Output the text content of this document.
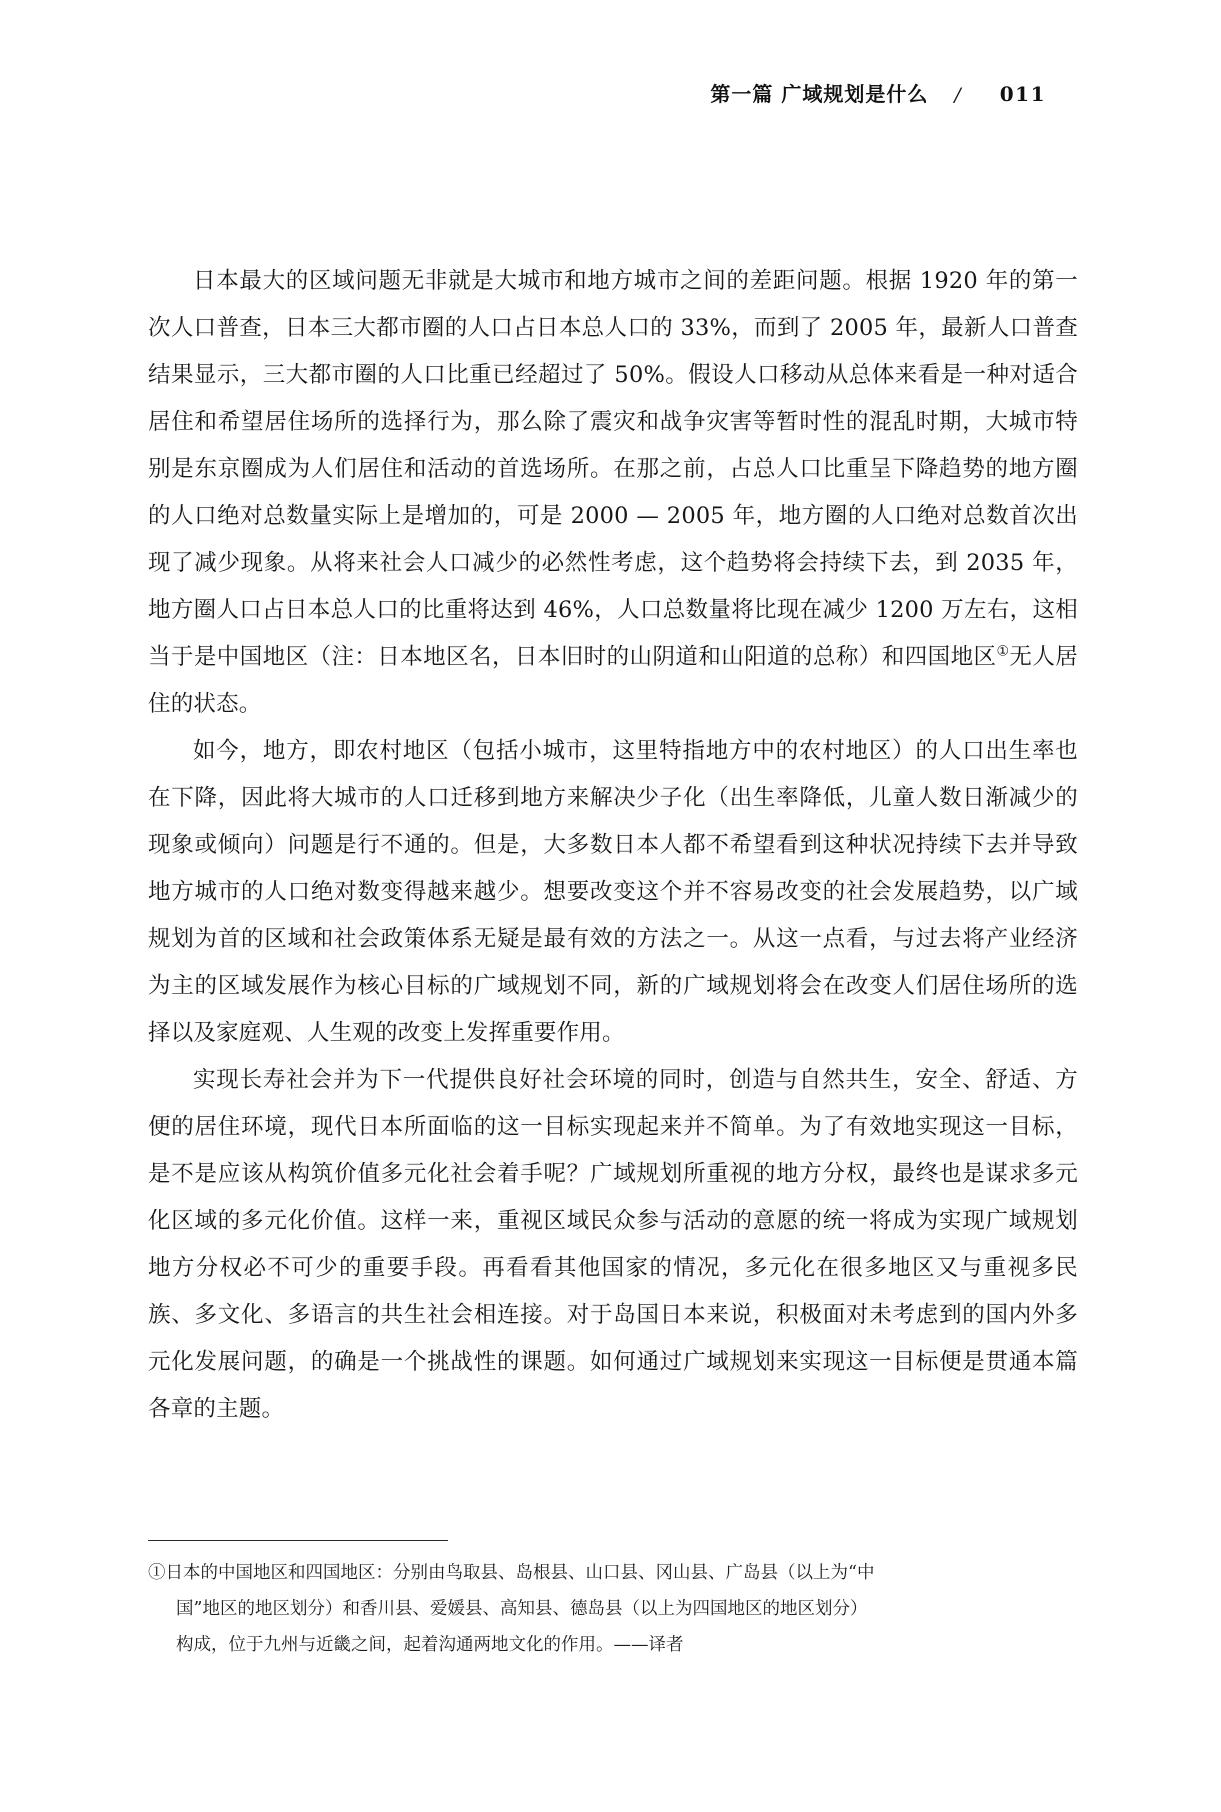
第一篇 广域规划是什么 / 011

日本最大的区域问题无非就是大城市和地方城市之间的差距问题。根据 1920 年的第一次人口普查，日本三大都市圈的人口占日本总人口的 33%，而到了 2005 年，最新人口普查结果显示，三大都市圈的人口比重已经超过了 50%。假设人口移动从总体来看是一种对适合居住和希望居住场所的选择行为，那么除了震灾和战争灾害等暂时性的混乱时期，大城市特别是东京圈成为人们居住和活动的首选场所。在那之前，占总人口比重呈下降趋势的地方圈的人口绝对总数量实际上是增加的，可是 2000 — 2005 年，地方圈的人口绝对总数首次出现了减少现象。从将来社会人口减少的必然性考虑，这个趋势将会持续下去，到 2035 年，地方圈人口占日本总人口的比重将达到 46%，人口总数量将比现在减少 1200 万左右，这相当于是中国地区（注：日本地区名，日本旧时的山阴道和山阳道的总称）和四国地区①无人居住的状态。

如今，地方，即农村地区（包括小城市，这里特指地方中的农村地区）的人口出生率也在下降，因此将大城市的人口迁移到地方来解决少子化（出生率降低，儿童人数日渐减少的现象或倾向）问题是行不通的。但是，大多数日本人都不希望看到这种状况持续下去并导致地方城市的人口绝对数变得越来越少。想要改变这个并不容易改变的社会发展趋势，以广域规划为首的区域和社会政策体系无疑是最有效的方法之一。从这一点看，与过去将产业经济为主的区域发展作为核心目标的广域规划不同，新的广域规划将会在改变人们居住场所的选择以及家庭观、人生观的改变上发挥重要作用。

实现长寿社会并为下一代提供良好社会环境的同时，创造与自然共生，安全、舒适、方便的居住环境，现代日本所面临的这一目标实现起来并不简单。为了有效地实现这一目标，是不是应该从构筑价值多元化社会着手呢？广域规划所重视的地方分权，最终也是谋求多元化区域的多元化价值。这样一来，重视区域民众参与活动的意愿的统一将成为实现广域规划地方分权必不可少的重要手段。再看看其他国家的情况，多元化在很多地区又与重视多民族、多文化、多语言的共生社会相连接。对于岛国日本来说，积极面对未考虑到的国内外多元化发展问题，的确是一个挑战性的课题。如何通过广域规划来实现这一目标便是贯通本篇各章的主题。

①日本的中国地区和四国地区：分别由鸟取县、岛根县、山口县、冈山县、广岛县（以上为“中
国”地区的地区划分）和香川县、爱媛县、高知县、德岛县（以上为四国地区的地区划分）
构成，位于九州与近畿之间，起着沟通两地文化的作用。——译者
